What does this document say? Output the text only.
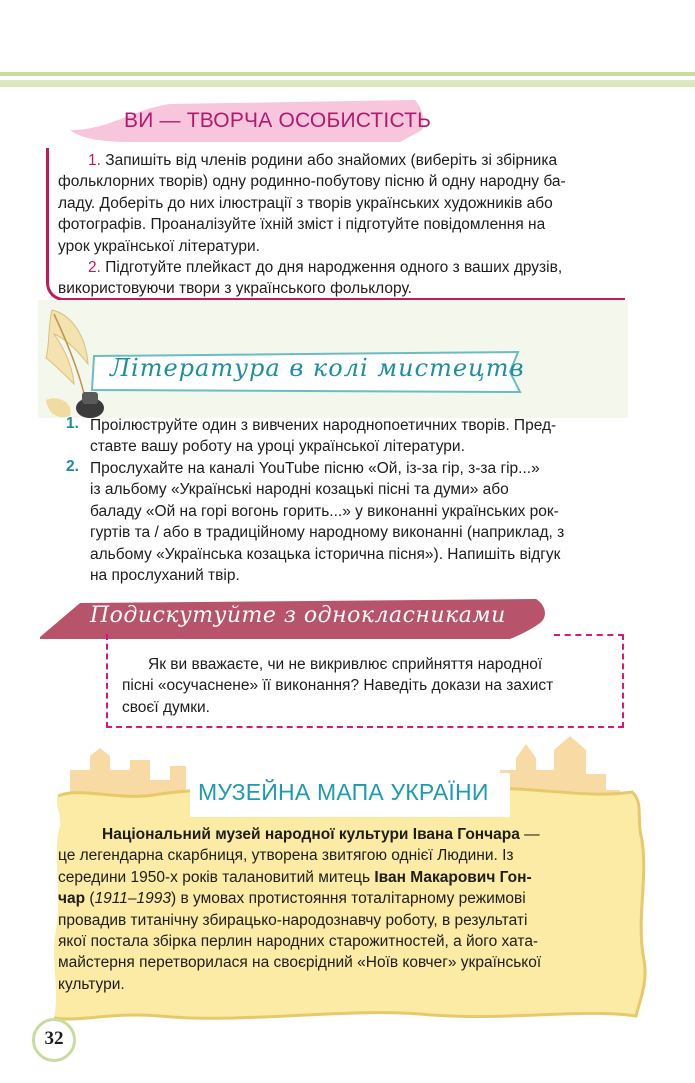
ВИ — ТВОРЧА ОСОБИСТІСТЬ
1. Запишіть від членів родини або знайомих (виберіть зі збірника
фольклорних творів) одну родинно-побутову пісню й одну народну ба-
ладу. Доберіть до них ілюстрації з творів українських художників або
фотографів. Проаналізуйте їхній зміст і підготуйте повідомлення на
урок української літератури.
2. Підготуйте плейкаст до дня народження одного з ваших друзів,
використовуючи твори з українського фольклору.
Література в колі мистецтв
1. Проілюструйте один з вивчених народнопоетичних творів. Пред-
ставте вашу роботу на уроці української літератури.
2. Прослухайте на каналі YouTube пісню «Ой, із-за гір, з-за гір...»
із альбому «Українські народні козацькі пісні та думи» або
баладу «Ой на горі вогонь горить...» у виконанні українських рок-
гуртів та / або в традиційному народному виконанні (наприклад, з
альбому «Українська козацька історична пісня»). Напишіть відгук
на прослуханий твір.
Подискутуйте з однокласниками
Як ви вважаєте, чи не викривлює сприйняття народної
пісні «осучаснене» її виконання? Наведіть докази на захист
своєї думки.
МУЗЕЙНА МАПА УКРАЇНИ
Національний музей народної культури Івана Гончара —
це легендарна скарбниця, утворена звитягою однієї Людини. Із
середини 1950-х років талановитий митець Іван Макарович Гон-
чар (1911–1993) в умовах протистояння тоталітарному режимові
провадив титанічну збирацько-народознавчу роботу, в результаті
якої постала збірка перлин народних старожитностей, а його хата-
майстерня перетворилася на своєрідний «Ноїв ковчег» української
культури.
32
